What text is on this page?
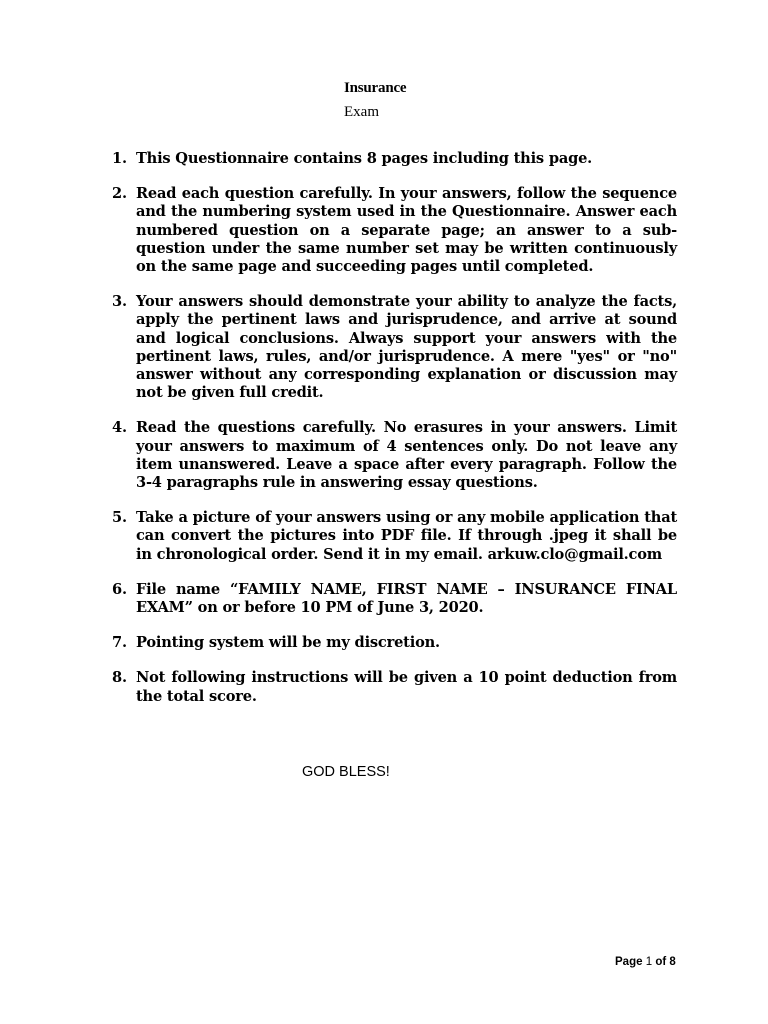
Insurance
Exam
1. This Questionnaire contains 8 pages including this page.
2. Read each question carefully. In your answers, follow the sequence and the numbering system used in the Questionnaire. Answer each numbered question on a separate page; an answer to a sub-question under the same number set may be written continuously on the same page and succeeding pages until completed.
3. Your answers should demonstrate your ability to analyze the facts, apply the pertinent laws and jurisprudence, and arrive at sound and logical conclusions. Always support your answers with the pertinent laws, rules, and/or jurisprudence. A mere "yes" or "no" answer without any corresponding explanation or discussion may not be given full credit.
4. Read the questions carefully. No erasures in your answers. Limit your answers to maximum of 4 sentences only. Do not leave any item unanswered. Leave a space after every paragraph. Follow the 3-4 paragraphs rule in answering essay questions.
5. Take a picture of your answers using or any mobile application that can convert the pictures into PDF file. If through .jpeg it shall be in chronological order. Send it in my email. arkuw.clo@gmail.com
6. File name “FAMILY NAME, FIRST NAME – INSURANCE FINAL EXAM” on or before 10 PM of June 3, 2020.
7. Pointing system will be my discretion.
8. Not following instructions will be given a 10 point deduction from the total score.
GOD BLESS!
Page 1 of 8
